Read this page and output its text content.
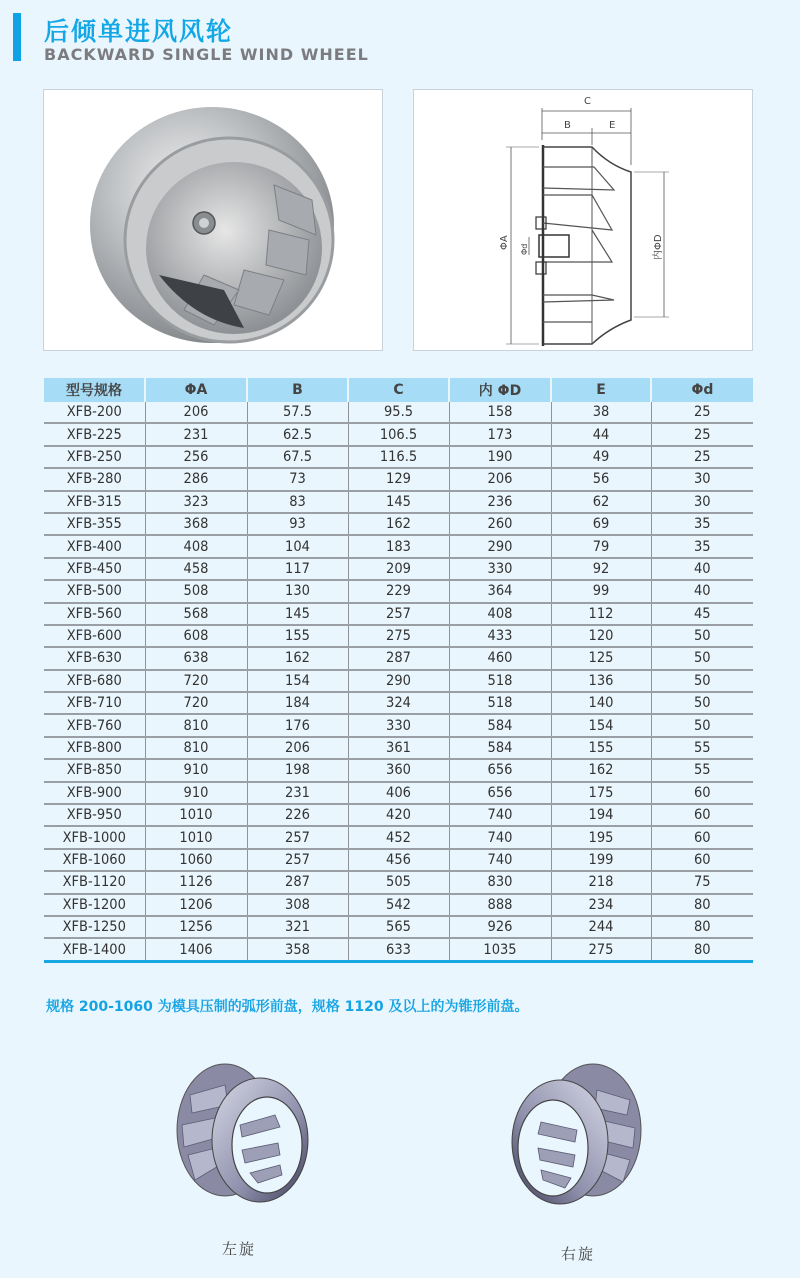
后倾单进风风轮
BACKWARD SINGLE WIND WHEEL
C
B	E
ΦA Φd	内ΦD
型号规格	ΦA	B	C	内 ΦD	E	Φd
XFB-200	206	57.5	95.5	158	38	25
XFB-225	231	62.5	106.5	173	44	25
XFB-250	256	67.5	116.5	190	49	25
XFB-280	286	73	129	206	56	30
XFB-315	323	83	145	236	62	30
XFB-355	368	93	162	260	69	35
XFB-400	408	104	183	290	79	35
XFB-450	458	117	209	330	92	40
XFB-500	508	130	229	364	99	40
XFB-560	568	145	257	408	112	45
XFB-600	608	155	275	433	120	50
XFB-630	638	162	287	460	125	50
XFB-680	720	154	290	518	136	50
XFB-710	720	184	324	518	140	50
XFB-760	810	176	330	584	154	50
XFB-800	810	206	361	584	155	55
XFB-850	910	198	360	656	162	55
XFB-900	910	231	406	656	175	60
XFB-950	1010	226	420	740	194	60
XFB-1000	1010	257	452	740	195	60
XFB-1060	1060	257	456	740	199	60
XFB-1120	1126	287	505	830	218	75
XFB-1200	1206	308	542	888	234	80
XFB-1250	1256	321	565	926	244	80
XFB-1400	1406	358	633	1035	275	80
规格 200-1060 为模具压制的弧形前盘，规格 1120 及以上的为锥形前盘。
左旋	右旋
